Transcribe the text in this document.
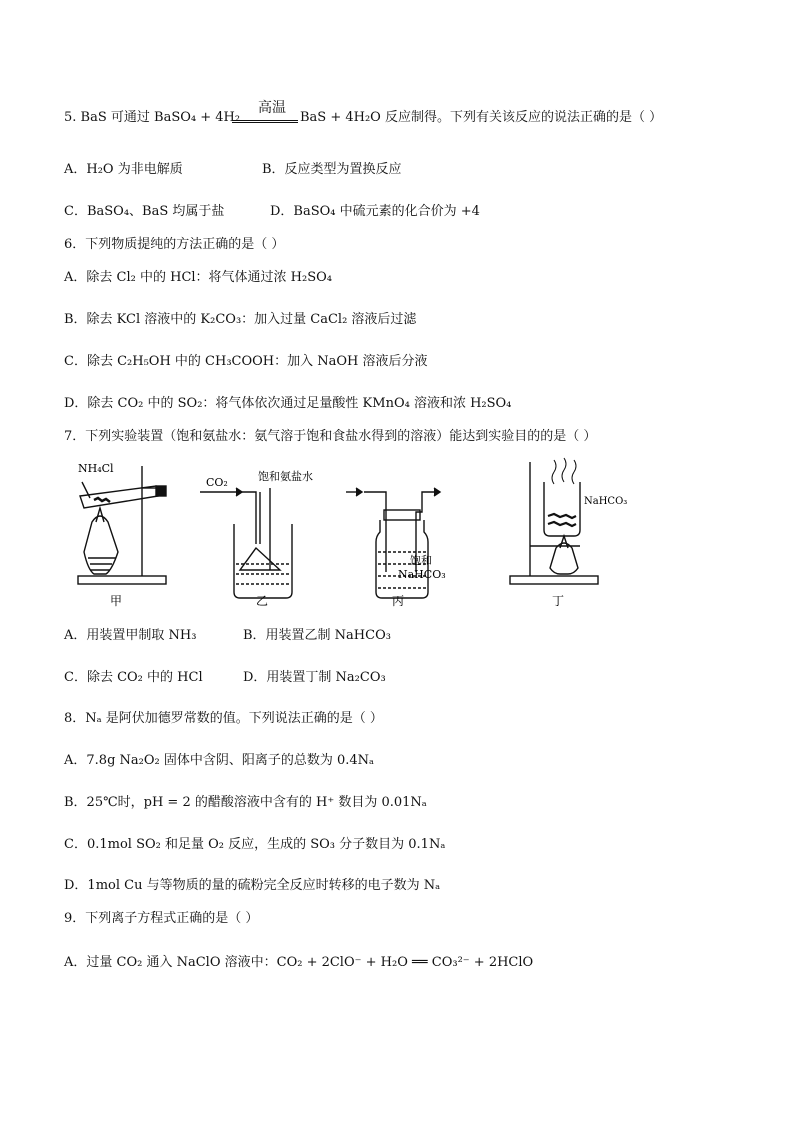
高温
5. BaS 可通过 BaSO₄ + 4H₂	BaS + 4H₂O 反应制得。下列有关该反应的说法正确的是（ ）
A．H₂O 为非电解质	B．反应类型为置换反应
C．BaSO₄、BaS 均属于盐	D．BaSO₄ 中硫元素的化合价为 +4
6．下列物质提纯的方法正确的是（ ）
A．除去 Cl₂ 中的 HCl：将气体通过浓 H₂SO₄
B．除去 KCl 溶液中的 K₂CO₃：加入过量 CaCl₂ 溶液后过滤
C．除去 C₂H₅OH 中的 CH₃COOH：加入 NaOH 溶液后分液
D．除去 CO₂ 中的 SO₂：将气体依次通过足量酸性 KMnO₄ 溶液和浓 H₂SO₄
7．下列实验装置（饱和氨盐水：氨气溶于饱和食盐水得到的溶液）能达到实验目的的是（ ）
NH₄Cl
甲
CO₂	饱和氨盐水
乙
饱和
NaHCO₃
丙
NaHCO₃
丁
A．用装置甲制取 NH₃	B．用装置乙制 NaHCO₃
C．除去 CO₂ 中的 HCl	D．用装置丁制 Na₂CO₃
8．Nₐ 是阿伏加德罗常数的值。下列说法正确的是（ ）
A．7.8g Na₂O₂ 固体中含阴、阳离子的总数为 0.4Nₐ
B．25℃时，pH = 2 的醋酸溶液中含有的 H⁺ 数目为 0.01Nₐ
C．0.1mol SO₂ 和足量 O₂ 反应，生成的 SO₃ 分子数目为 0.1Nₐ
D．1mol Cu 与等物质的量的硫粉完全反应时转移的电子数为 Nₐ
9．下列离子方程式正确的是（ ）
A．过量 CO₂ 通入 NaClO 溶液中：CO₂ + 2ClO⁻ + H₂O ══ CO₃²⁻ + 2HClO
